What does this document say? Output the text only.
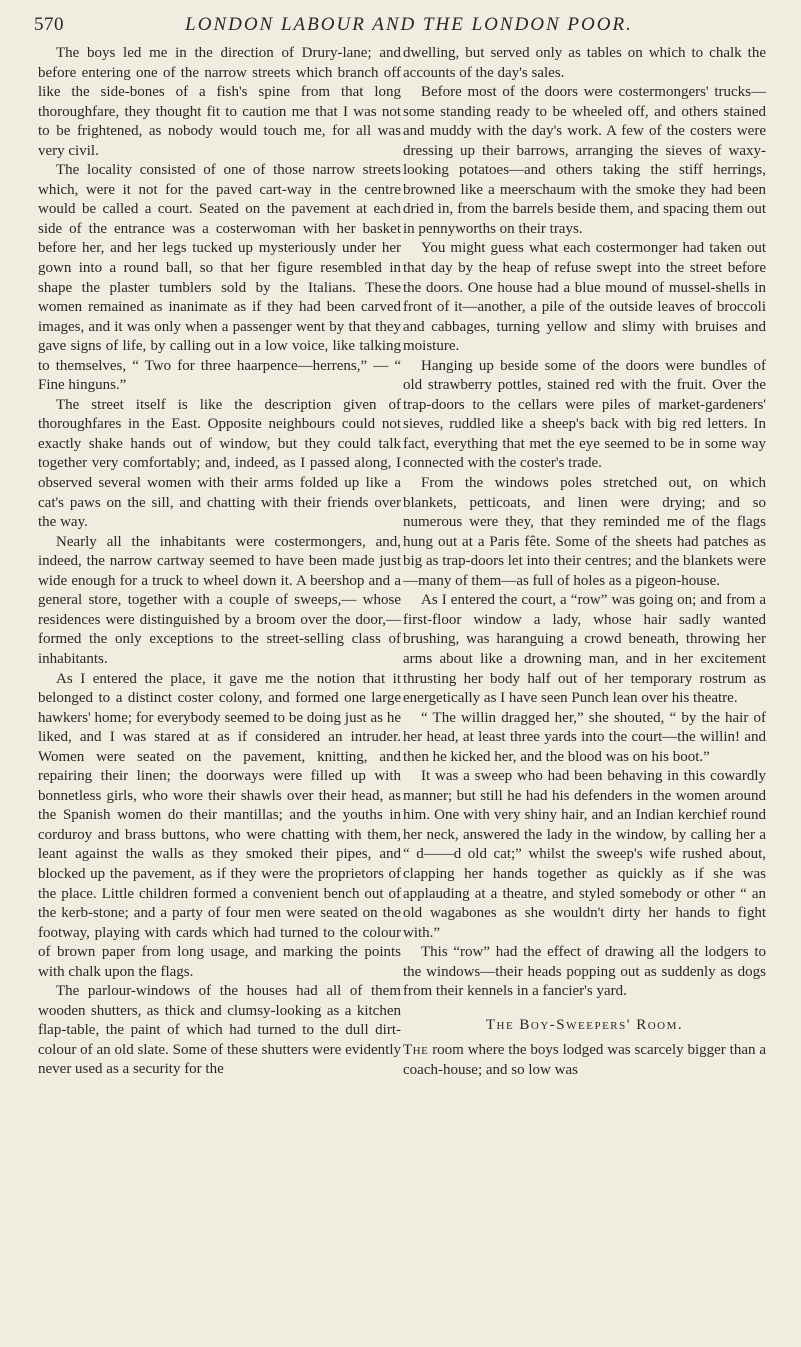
570	LONDON LABOUR AND THE LONDON POOR.

The boys led me in the direction of Drury-lane; and before entering one of the narrow streets which branch off like the side-bones of a fish's spine from that long thoroughfare, they thought fit to caution me that I was not to be frightened, as nobody would touch me, for all was very civil.

The locality consisted of one of those narrow streets which, were it not for the paved cart-way in the centre would be called a court. Seated on the pavement at each side of the entrance was a costerwoman with her basket before her, and her legs tucked up mysteriously under her gown into a round ball, so that her figure resembled in shape the plaster tumblers sold by the Italians. These women remained as inanimate as if they had been carved images, and it was only when a passenger went by that they gave signs of life, by calling out in a low voice, like talking to themselves, “ Two for three haarpence—herrens,” — “ Fine hinguns.”

The street itself is like the description given of thoroughfares in the East. Opposite neighbours could not exactly shake hands out of window, but they could talk together very comfortably; and, indeed, as I passed along, I observed several women with their arms folded up like a cat's paws on the sill, and chatting with their friends over the way.

Nearly all the inhabitants were costermongers, and, indeed, the narrow cartway seemed to have been made just wide enough for a truck to wheel down it. A beershop and a general store, together with a couple of sweeps,— whose residences were distinguished by a broom over the door,—formed the only exceptions to the street-selling class of inhabitants.

As I entered the place, it gave me the notion that it belonged to a distinct coster colony, and formed one large hawkers' home; for everybody seemed to be doing just as he liked, and I was stared at as if considered an intruder. Women were seated on the pavement, knitting, and repairing their linen; the doorways were filled up with bonnetless girls, who wore their shawls over their head, as the Spanish women do their mantillas; and the youths in corduroy and brass buttons, who were chatting with them, leant against the walls as they smoked their pipes, and blocked up the pavement, as if they were the proprietors of the place. Little children formed a convenient bench out of the kerb-stone; and a party of four men were seated on the footway, playing with cards which had turned to the colour of brown paper from long usage, and marking the points with chalk upon the flags.

The parlour-windows of the houses had all of them wooden shutters, as thick and clumsy-looking as a kitchen flap-table, the paint of which had turned to the dull dirt-colour of an old slate. Some of these shutters were evidently never used as a security for the

dwelling, but served only as tables on which to chalk the accounts of the day's sales.

Before most of the doors were costermongers' trucks—some standing ready to be wheeled off, and others stained and muddy with the day's work. A few of the costers were dressing up their barrows, arranging the sieves of waxy-looking potatoes—and others taking the stiff herrings, browned like a meerschaum with the smoke they had been dried in, from the barrels beside them, and spacing them out in pennyworths on their trays.

You might guess what each costermonger had taken out that day by the heap of refuse swept into the street before the doors. One house had a blue mound of mussel-shells in front of it—another, a pile of the outside leaves of broccoli and cabbages, turning yellow and slimy with bruises and moisture.

Hanging up beside some of the doors were bundles of old strawberry pottles, stained red with the fruit. Over the trap-doors to the cellars were piles of market-gardeners' sieves, ruddled like a sheep's back with big red letters. In fact, everything that met the eye seemed to be in some way connected with the coster's trade.

From the windows poles stretched out, on which blankets, petticoats, and linen were drying; and so numerous were they, that they reminded me of the flags hung out at a Paris fête. Some of the sheets had patches as big as trap-doors let into their centres; and the blankets were—many of them—as full of holes as a pigeon-house.

As I entered the court, a “row” was going on; and from a first-floor window a lady, whose hair sadly wanted brushing, was haranguing a crowd beneath, throwing her arms about like a drowning man, and in her excitement thrusting her body half out of her temporary rostrum as energetically as I have seen Punch lean over his theatre.

“ The willin dragged her,” she shouted, “ by the hair of her head, at least three yards into the court—the willin! and then he kicked her, and the blood was on his boot.”

It was a sweep who had been behaving in this cowardly manner; but still he had his defenders in the women around him. One with very shiny hair, and an Indian kerchief round her neck, answered the lady in the window, by calling her a “ d——d old cat;” whilst the sweep's wife rushed about, clapping her hands together as quickly as if she was applauding at a theatre, and styled somebody or other “ an old wagabones as she wouldn't dirty her hands to fight with.”

This “row” had the effect of drawing all the lodgers to the windows—their heads popping out as suddenly as dogs from their kennels in a fancier's yard.

The Boy-Sweepers' Room.

The room where the boys lodged was scarcely bigger than a coach-house; and so low was
